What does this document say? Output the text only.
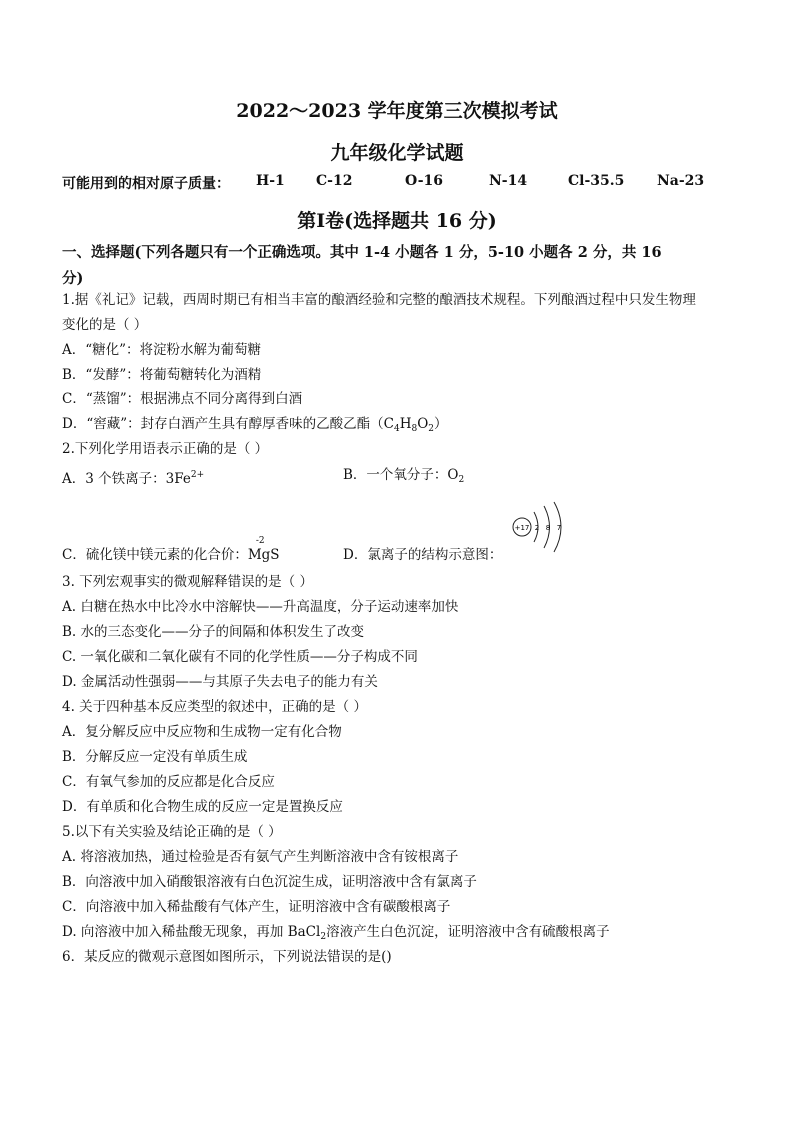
2022～2023 学年度第三次模拟考试
九年级化学试题
可能用到的相对原子质量： H-1 C-12	O-16	N-14	Cl-35.5 Na-23
第Ⅰ卷(选择题共 16 分)
一、选择题(下列各题只有一个正确选项。其中 1-4 小题各 1 分，5-10 小题各 2 分，共 16
分)
1.据《礼记》记载，西周时期已有相当丰富的酿酒经验和完整的酿酒技术规程。下列酿酒过程中只发生物理
变化的是（ ）
A．“糖化”：将淀粉水解为葡萄糖
B．“发酵”：将葡萄糖转化为酒精
C．“蒸馏”：根据沸点不同分离得到白酒
D．“窖藏”：封存白酒产生具有醇厚香味的乙酸乙酯$(C_4H_8O_2)$
2.下列化学用语表示正确的是（ ）
A．3 个铁离子：$3Fe^{2+}$	B．一个氧分子：$O_2$
C．硫化镁中镁元素的化合价：
-2
MgS	D．氯离子的结构示意图：
+17 2 8 7
3. 下列宏观事实的微观解释错误的是（ ）
A. 白糖在热水中比冷水中溶解快——升高温度，分子运动速率加快
B. 水的三态变化——分子的间隔和体积发生了改变
C. 一氧化碳和二氧化碳有不同的化学性质——分子构成不同
D. 金属活动性强弱——与其原子失去电子的能力有关
4. 关于四种基本反应类型的叙述中，正确的是（ ）
A．复分解反应中反应物和生成物一定有化合物
B．分解反应一定没有单质生成
C．有氧气参加的反应都是化合反应
D．有单质和化合物生成的反应一定是置换反应
5.以下有关实验及结论正确的是（ ）
A. 将溶液加热，通过检验是否有氨气产生判断溶液中含有铵根离子
B．向溶液中加入硝酸银溶液有白色沉淀生成，证明溶液中含有氯离子
C．向溶液中加入稀盐酸有气体产生，证明溶液中含有碳酸根离子
D. 向溶液中加入稀盐酸无现象，再加 BaCl$_2$溶液产生白色沉淀，证明溶液中含有硫酸根离子
6．某反应的微观示意图如图所示，下列说法错误的是()
